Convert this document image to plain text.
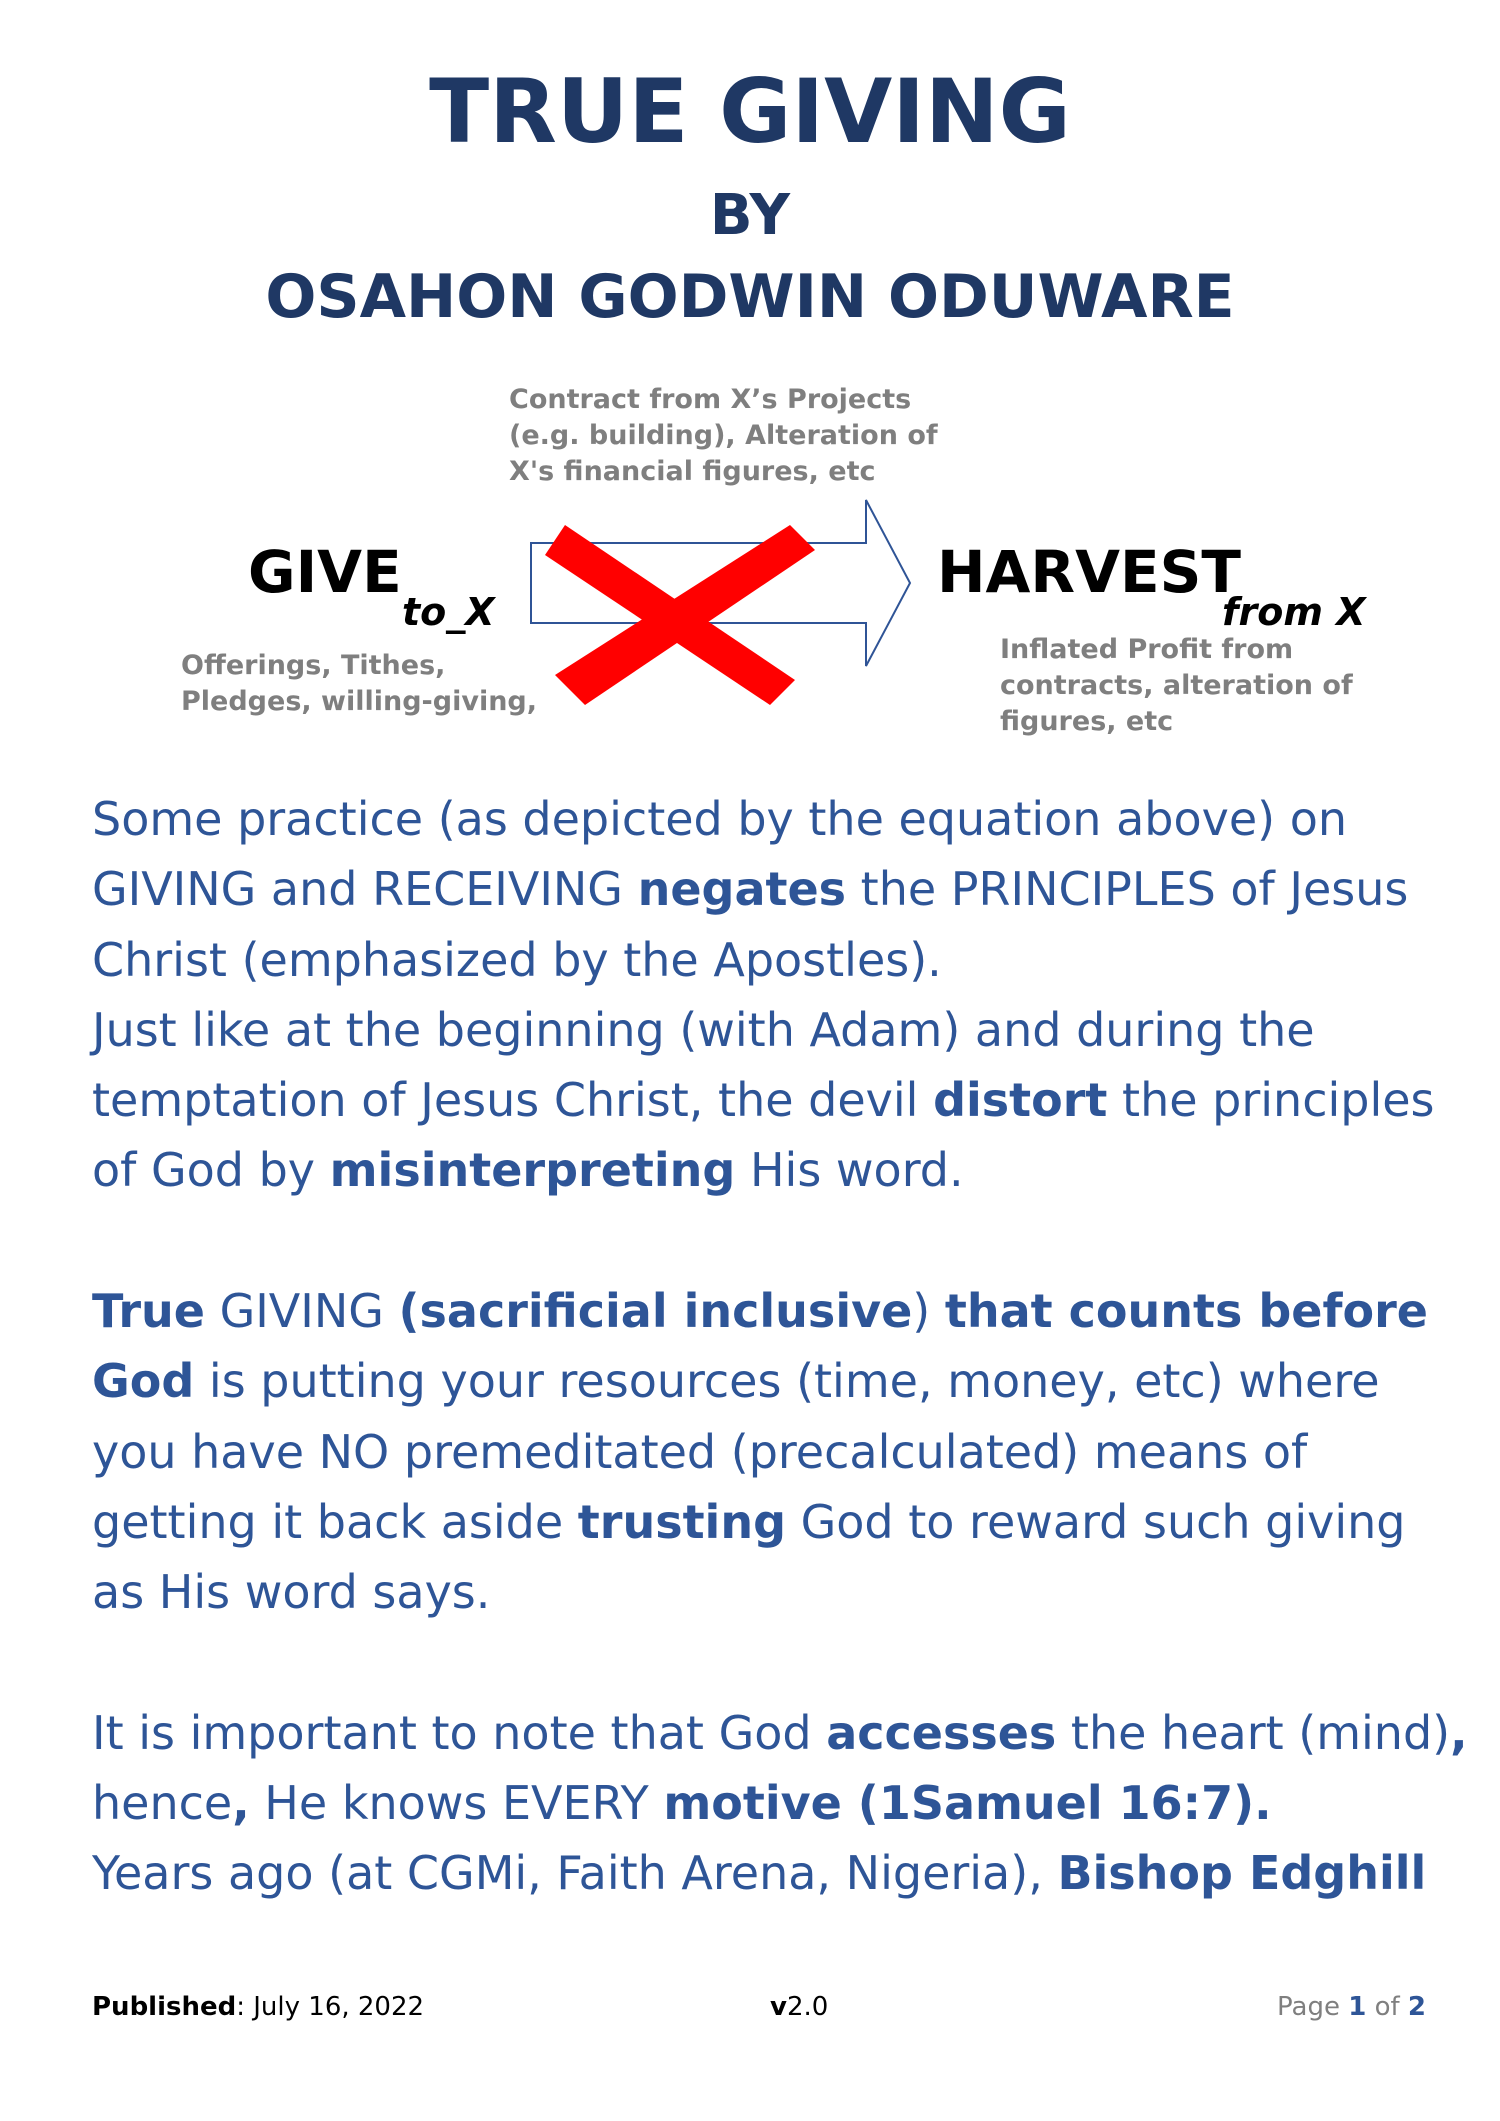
TRUE GIVING
BY
OSAHON GODWIN ODUWARE
Contract from X’s Projects
(e.g. building), Alteration of
X's financial figures, etc
GIVE
to_X
HARVEST
from X
Offerings, Tithes,
Pledges, willing-giving,
Inflated Profit from
contracts, alteration of
figures, etc

Some practice (as depicted by the equation above) on GIVING and RECEIVING negates the PRINCIPLES of Jesus Christ (emphasized by the Apostles).

Just like at the beginning (with Adam) and during the temptation of Jesus Christ, the devil distort the principles of God by misinterpreting His word.

True GIVING (sacrificial inclusive) that counts before God is putting your resources (time, money, etc) where you have NO premeditated (precalculated) means of getting it back aside trusting God to reward such giving as His word says.

It is important to note that God accesses the heart (mind), hence, He knows EVERY motive (1Samuel 16:7).

Years ago (at CGMi, Faith Arena, Nigeria), Bishop Edghill

Published: July 16, 2022	v2.0	Page 1 of 2
